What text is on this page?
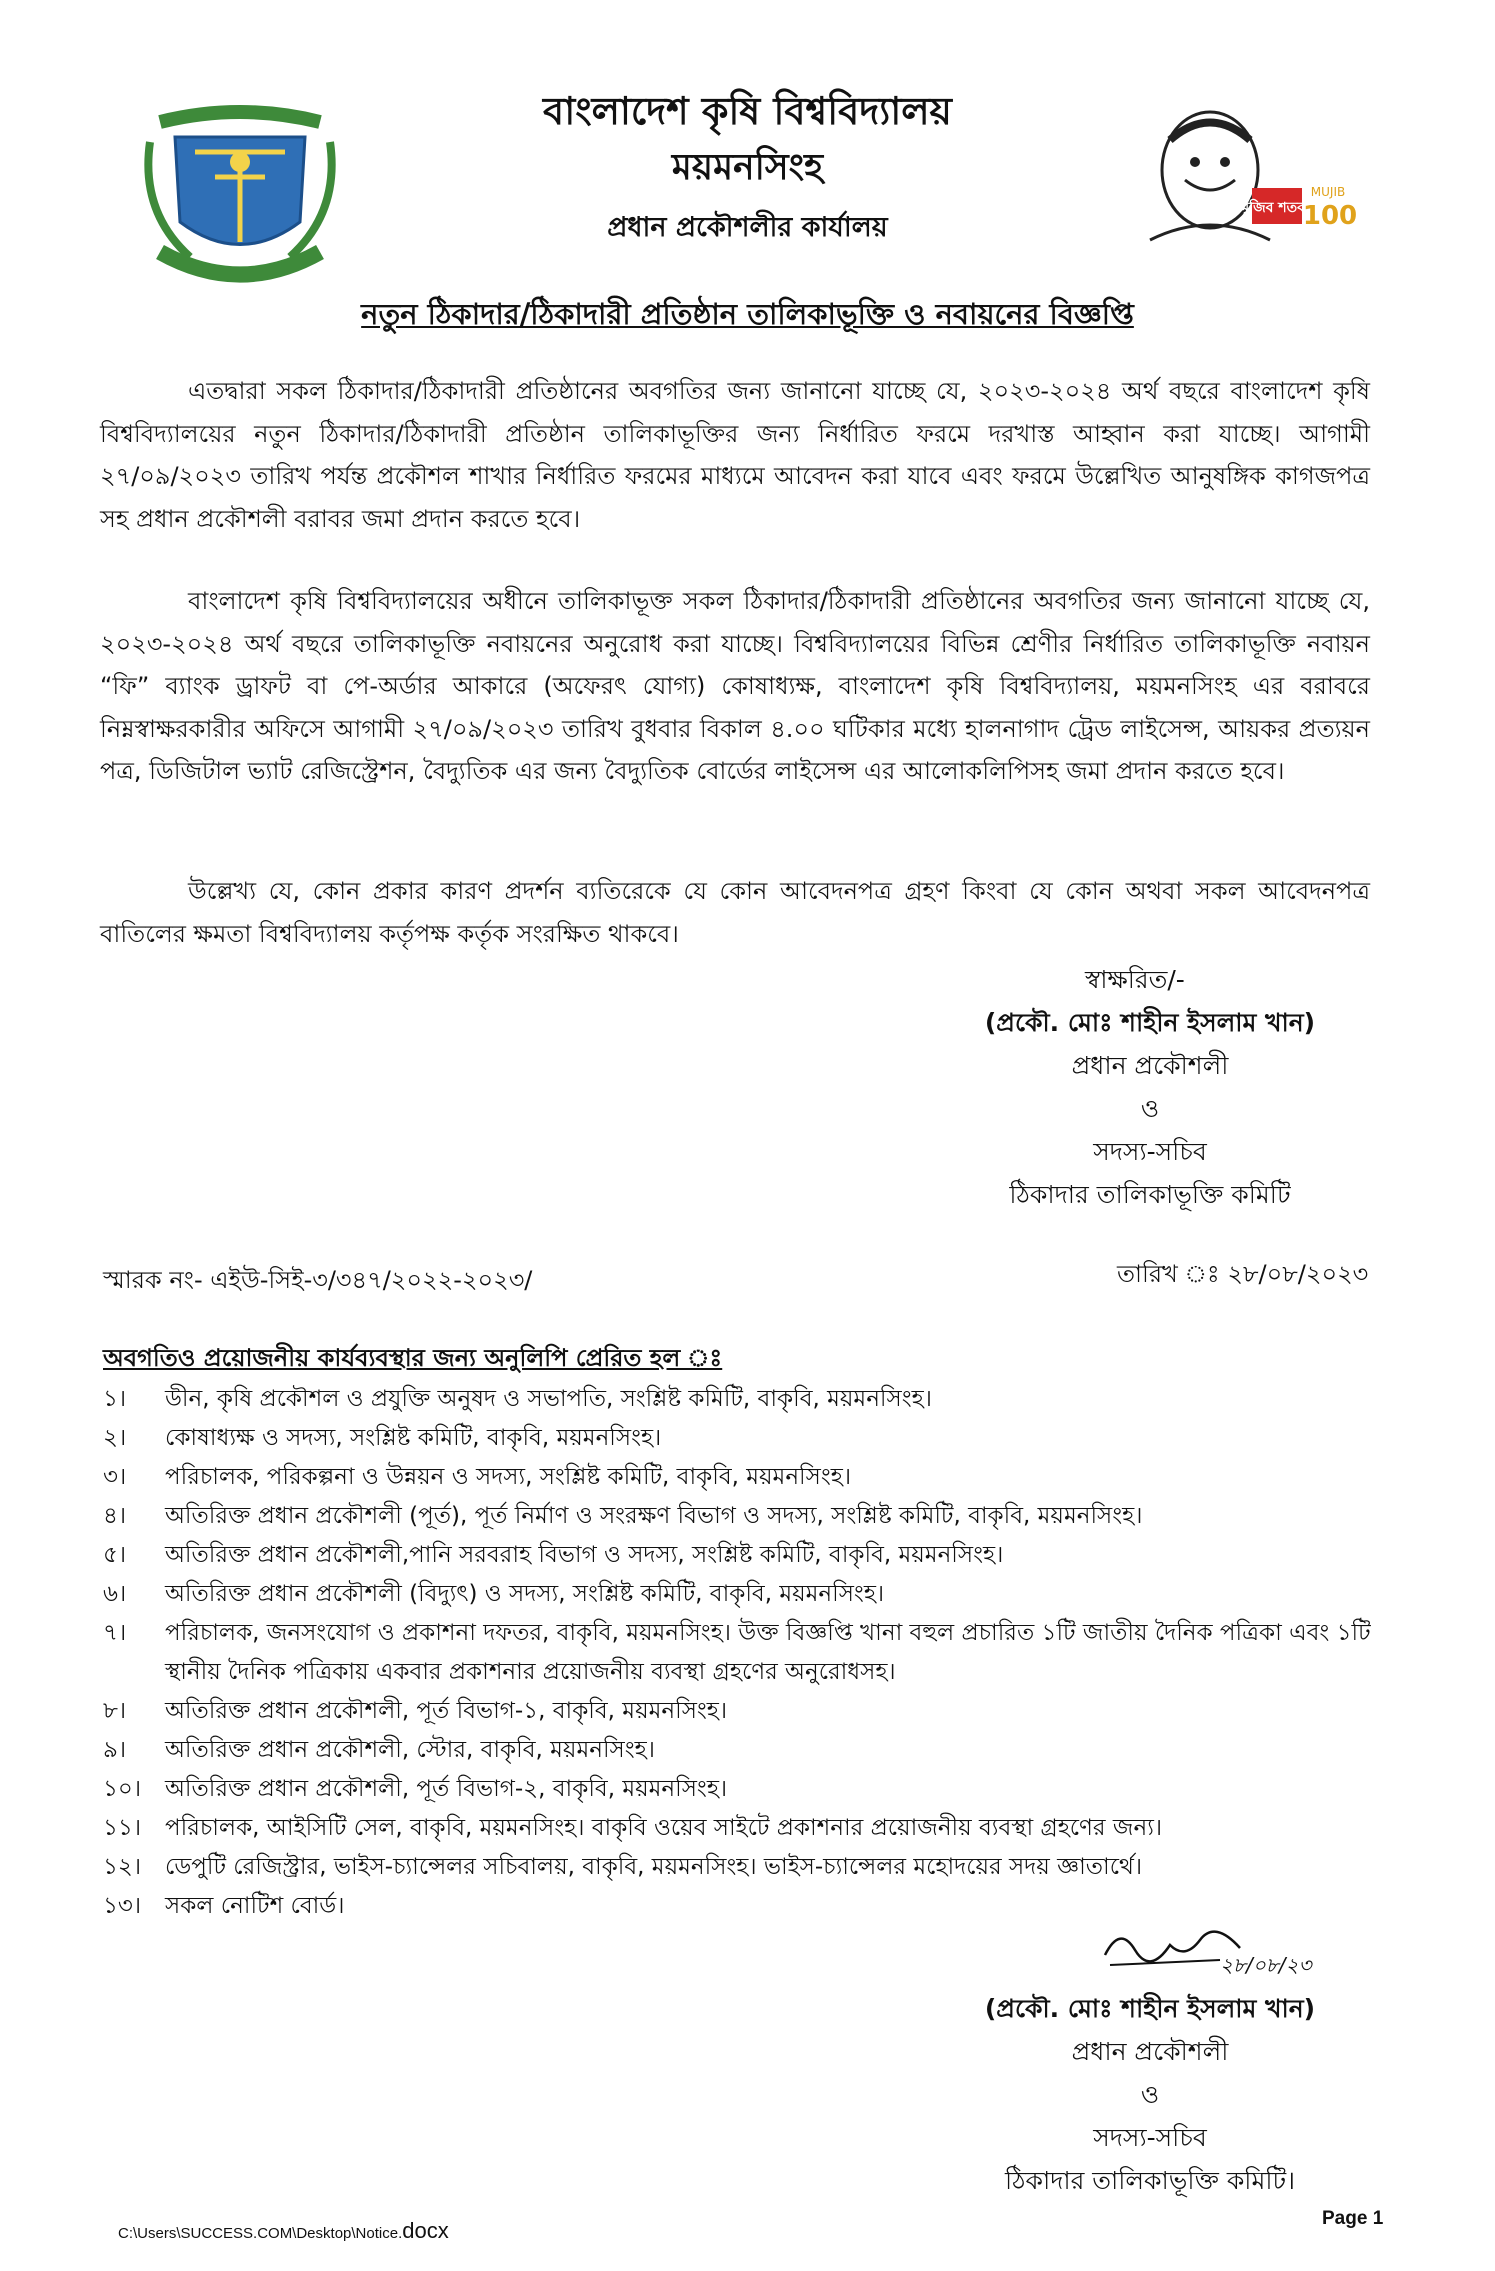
মুজিব শতবর্ষ
MUJIB
100
বাংলাদেশ কৃষি বিশ্ববিদ্যালয়
ময়মনসিংহ
প্রধান প্রকৌশলীর কার্যালয়
নতুন ঠিকাদার/ঠিকাদারী প্রতিষ্ঠান তালিকাভূক্তি ও নবায়নের বিজ্ঞপ্তি
এতদ্বারা সকল ঠিকাদার/ঠিকাদারী প্রতিষ্ঠানের অবগতির জন্য জানানো যাচ্ছে যে, ২০২৩-২০২৪ অর্থ বছরে বাংলাদেশ কৃষি বিশ্ববিদ্যালয়ের নতুন ঠিকাদার/ঠিকাদারী প্রতিষ্ঠান তালিকাভূক্তির জন্য নির্ধারিত ফরমে দরখাস্ত আহ্বান করা যাচ্ছে। আগামী ২৭/০৯/২০২৩ তারিখ পর্যন্ত প্রকৌশল শাখার নির্ধারিত ফরমের মাধ্যমে আবেদন করা যাবে এবং ফরমে উল্লেখিত আনুষঙ্গিক কাগজপত্র সহ প্রধান প্রকৌশলী বরাবর জমা প্রদান করতে হবে।
বাংলাদেশ কৃষি বিশ্ববিদ্যালয়ের অধীনে তালিকাভূক্ত সকল ঠিকাদার/ঠিকাদারী প্রতিষ্ঠানের অবগতির জন্য জানানো যাচ্ছে যে, ২০২৩-২০২৪ অর্থ বছরে তালিকাভূক্তি নবায়নের অনুরোধ করা যাচ্ছে। বিশ্ববিদ্যালয়ের বিভিন্ন শ্রেণীর নির্ধারিত তালিকাভূক্তি নবায়ন “ফি” ব্যাংক ড্রাফট বা পে-অর্ডার আকারে (অফেরৎ যোগ্য) কোষাধ্যক্ষ, বাংলাদেশ কৃষি বিশ্ববিদ্যালয়, ময়মনসিংহ এর বরাবরে নিম্নস্বাক্ষরকারীর অফিসে আগামী ২৭/০৯/২০২৩ তারিখ বুধবার বিকাল ৪.০০ ঘটিকার মধ্যে হালনাগাদ ট্রেড লাইসেন্স, আয়কর প্রত্যয়ন পত্র, ডিজিটাল ভ্যাট রেজিস্ট্রেশন, বৈদ্যুতিক এর জন্য বৈদ্যুতিক বোর্ডের লাইসেন্স এর আলোকলিপিসহ জমা প্রদান করতে হবে।
উল্লেখ্য যে, কোন প্রকার কারণ প্রদর্শন ব্যতিরেকে যে কোন আবেদনপত্র গ্রহণ কিংবা যে কোন অথবা সকল আবেদনপত্র বাতিলের ক্ষমতা বিশ্ববিদ্যালয় কর্তৃপক্ষ কর্তৃক সংরক্ষিত থাকবে।
স্বাক্ষরিত/-
(প্রকৌ. মোঃ শাহীন ইসলাম খান)
প্রধান প্রকৌশলী
ও
সদস্য-সচিব
ঠিকাদার তালিকাভূক্তি কমিটি
স্মারক নং- এইউ-সিই-৩/৩৪৭/২০২২-২০২৩/	তারিখ ঃ ২৮/০৮/২০২৩
অবগতিও প্রয়োজনীয় কার্যব্যবস্থার জন্য অনুলিপি প্রেরিত হল ঃ
১।	ডীন, কৃষি প্রকৌশল ও প্রযুক্তি অনুষদ ও সভাপতি, সংশ্লিষ্ট কমিটি, বাকৃবি, ময়মনসিংহ।
২।	কোষাধ্যক্ষ ও সদস্য, সংশ্লিষ্ট কমিটি, বাকৃবি, ময়মনসিংহ।
৩।	পরিচালক, পরিকল্পনা ও উন্নয়ন ও সদস্য, সংশ্লিষ্ট কমিটি, বাকৃবি, ময়মনসিংহ।
৪।	অতিরিক্ত প্রধান প্রকৌশলী (পূর্ত), পূর্ত নির্মাণ ও সংরক্ষণ বিভাগ ও সদস্য, সংশ্লিষ্ট কমিটি, বাকৃবি, ময়মনসিংহ।
৫।	অতিরিক্ত প্রধান প্রকৌশলী,পানি সরবরাহ বিভাগ ও সদস্য, সংশ্লিষ্ট কমিটি, বাকৃবি, ময়মনসিংহ।
৬।	অতিরিক্ত প্রধান প্রকৌশলী (বিদ্যুৎ) ও সদস্য, সংশ্লিষ্ট কমিটি, বাকৃবি, ময়মনসিংহ।
৭।	পরিচালক, জনসংযোগ ও প্রকাশনা দফতর, বাকৃবি, ময়মনসিংহ। উক্ত বিজ্ঞপ্তি খানা বহুল প্রচারিত ১টি জাতীয় দৈনিক পত্রিকা এবং ১টি স্থানীয় দৈনিক পত্রিকায় একবার প্রকাশনার প্রয়োজনীয় ব্যবস্থা গ্রহণের অনুরোধসহ।
৮।	অতিরিক্ত প্রধান প্রকৌশলী, পূর্ত বিভাগ-১, বাকৃবি, ময়মনসিংহ।
৯।	অতিরিক্ত প্রধান প্রকৌশলী, স্টোর, বাকৃবি, ময়মনসিংহ।
১০।	অতিরিক্ত প্রধান প্রকৌশলী, পূর্ত বিভাগ-২, বাকৃবি, ময়মনসিংহ।
১১।	পরিচালক, আইসিটি সেল, বাকৃবি, ময়মনসিংহ। বাকৃবি ওয়েব সাইটে প্রকাশনার প্রয়োজনীয় ব্যবস্থা গ্রহণের জন্য।
১২।	ডেপুটি রেজিস্ট্রার, ভাইস-চ্যান্সেলর সচিবালয়, বাকৃবি, ময়মনসিংহ। ভাইস-চ্যান্সেলর মহোদয়ের সদয় জ্ঞাতার্থে।
১৩।	সকল নোটিশ বোর্ড।
২৮/০৮/২৩
(প্রকৌ. মোঃ শাহীন ইসলাম খান)
প্রধান প্রকৌশলী
ও
সদস্য-সচিব
ঠিকাদার তালিকাভূক্তি কমিটি।
C:\Users\SUCCESS.COM\Desktop\Notice.docx	Page 1
